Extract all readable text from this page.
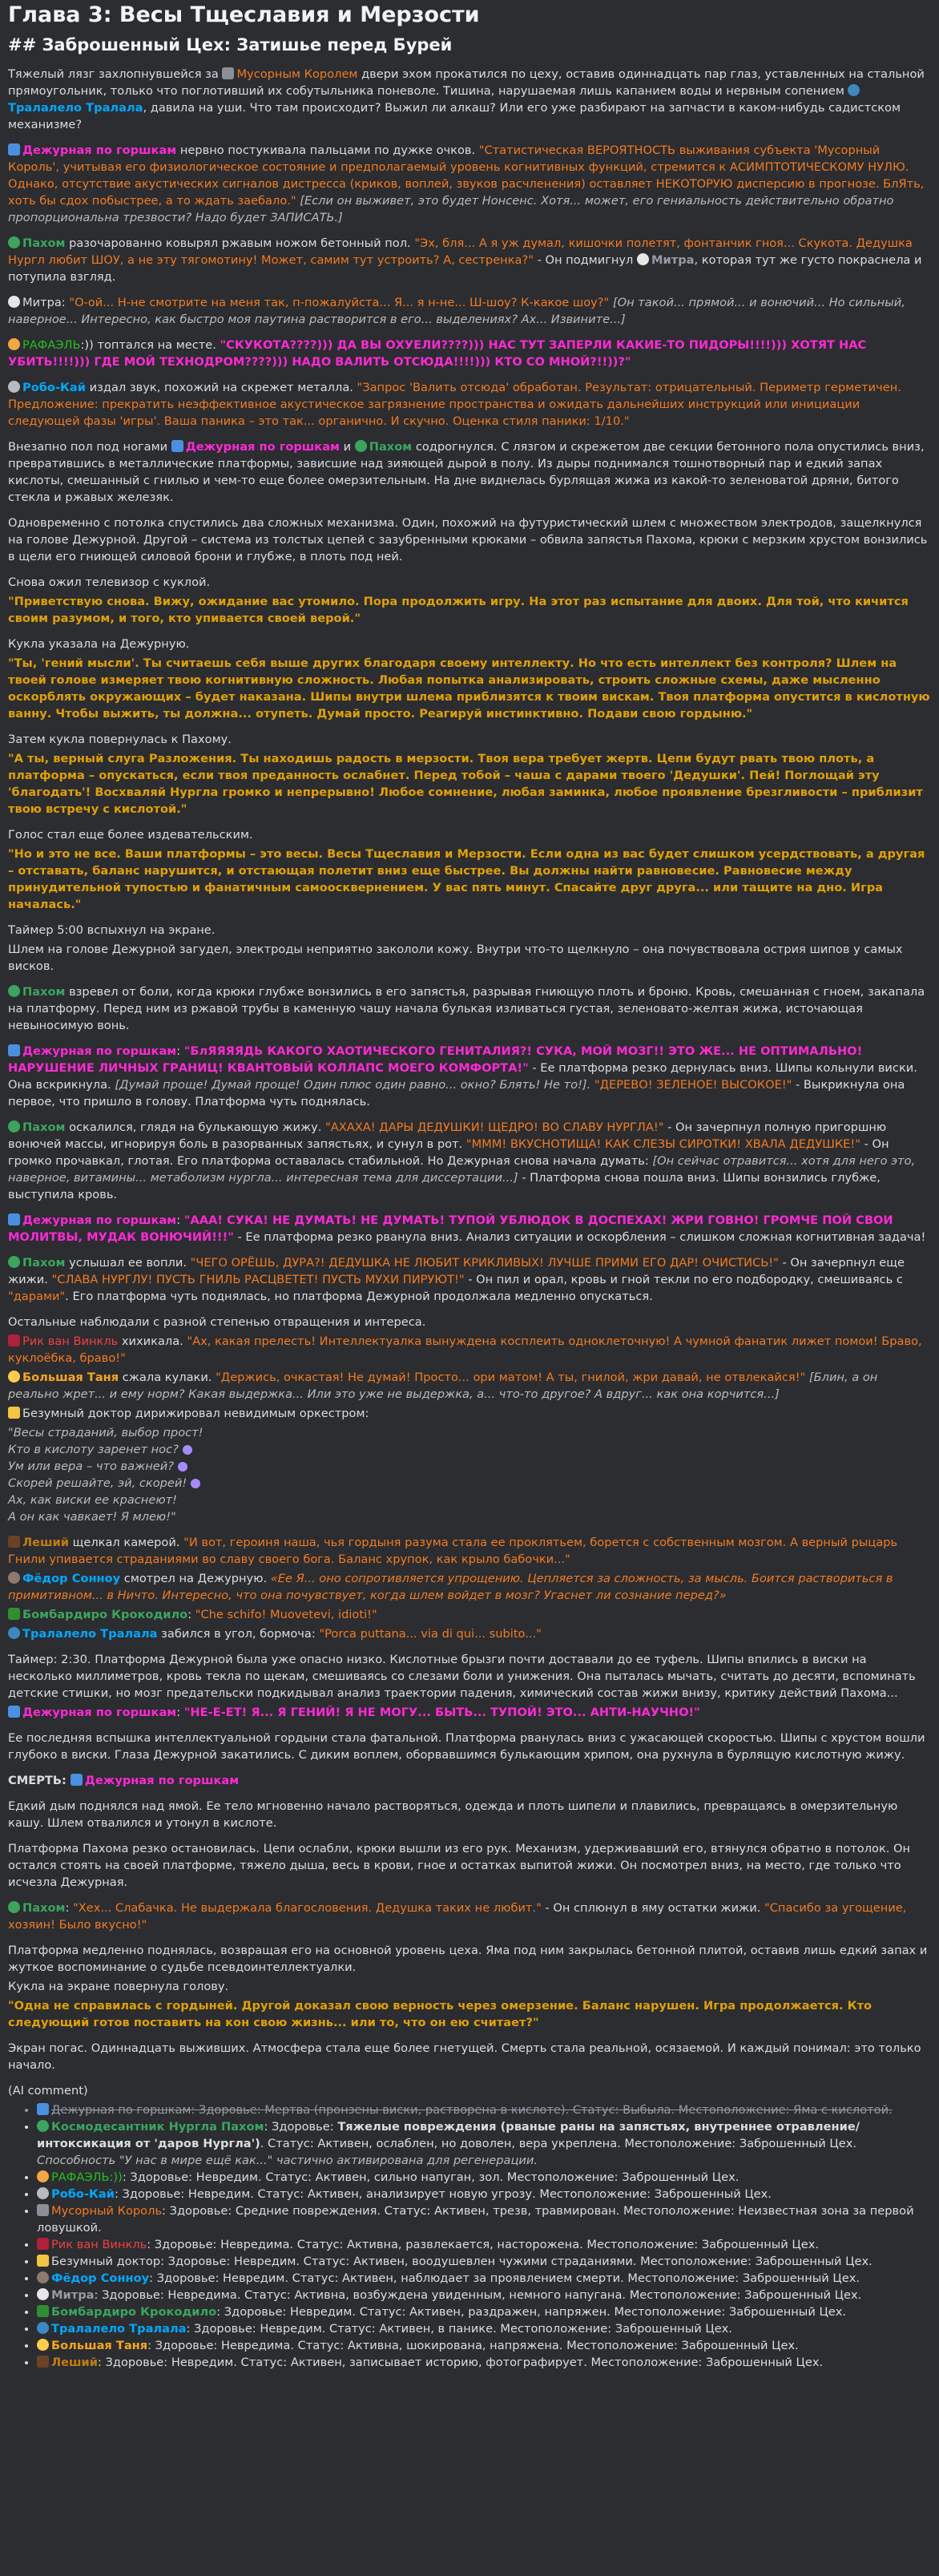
Глава 3: Весы Тщеславия и Мерзости
## Заброшенный Цех: Затишье перед Бурей
Тяжелый лязг захлопнувшейся за Мусорным Королем двери эхом прокатился по цеху, оставив одиннадцать пар глаз, уставленных на стальной прямоугольник, только что поглотивший их собутыльника поневоле. Тишина, нарушаемая лишь капанием воды и нервным сопением Тралалело Тралала, давила на уши. Что там происходит? Выжил ли алкаш? Или его уже разбирают на запчасти в каком-нибудь садистском механизме?
Дежурная по горшкам нервно постукивала пальцами по дужке очков. "Статистическая ВЕРОЯТНОСТЬ выживания субъекта 'Мусорный Король', учитывая его физиологическое состояние и предполагаемый уровень когнитивных функций, стремится к АСИМПТОТИЧЕСКОМУ НУЛЮ. Однако, отсутствие акустических сигналов дистресса (криков, воплей, звуков расчленения) оставляет НЕКОТОРУЮ дисперсию в прогнозе. БлЯть, хоть бы сдох побыстрее, а то ждать заебало." [Если он выживет, это будет Нонсенс. Хотя... может, его гениальность действительно обратно пропорциональна трезвости? Надо будет ЗАПИСАТЬ.]
Пахом разочарованно ковырял ржавым ножом бетонный пол. "Эх, бля... А я уж думал, кишочки полетят, фонтанчик гноя... Скукота. Дедушка Нургл любит ШОУ, а не эту тягомотину! Может, самим тут устроить? А, сестренка?" - Он подмигнул Митра, которая тут же густо покраснела и потупила взгляд.
Митра: "О-ой... Н-не смотрите на меня так, п-пожалуйста... Я... я н-не... Ш-шоу? К-какое шоу?" [Он такой... прямой... и вонючий... Но сильный, наверное... Интересно, как быстро моя паутина растворится в его... выделениях? Ах... Извините...]
РАФАЭЛЬ:)) топтался на месте. "СКУКОТА????))) ДА ВЫ ОХУЕЛИ????))) НАС ТУТ ЗАПЕРЛИ КАКИЕ-ТО ПИДОРЫ!!!!))) ХОТЯТ НАС УБИТЬ!!!!))) ГДЕ МОЙ ТЕХНОДРОМ????))) НАДО ВАЛИТЬ ОТСЮДА!!!!))) КТО СО МНОЙ?!!))?"
Робо-Кай издал звук, похожий на скрежет металла. "Запрос 'Валить отсюда' обработан. Результат: отрицательный. Периметр герметичен. Предложение: прекратить неэффективное акустическое загрязнение пространства и ожидать дальнейших инструкций или инициации следующей фазы 'игры'. Ваша паника – это так... органично. И скучно. Оценка стиля паники: 1/10."
Внезапно пол под ногами Дежурная по горшкам и Пахом содрогнулся. С лязгом и скрежетом две секции бетонного пола опустились вниз, превратившись в металлические платформы, зависшие над зияющей дырой в полу. Из дыры поднимался тошнотворный пар и едкий запах кислоты, смешанный с гнилью и чем-то еще более омерзительным. На дне виднелась бурлящая жижа из какой-то зеленоватой дряни, битого стекла и ржавых железяк.
Одновременно с потолка спустились два сложных механизма. Один, похожий на футуристический шлем с множеством электродов, защелкнулся на голове Дежурной. Другой – система из толстых цепей с зазубренными крюками – обвила запястья Пахома, крюки с мерзким хрустом вонзились в щели его гниющей силовой брони и глубже, в плоть под ней.
Снова ожил телевизор с куклой.
"Приветствую снова. Вижу, ожидание вас утомило. Пора продолжить игру. На этот раз испытание для двоих. Для той, что кичится своим разумом, и того, кто упивается своей верой."
Кукла указала на Дежурную.
"Ты, 'гений мысли'. Ты считаешь себя выше других благодаря своему интеллекту. Но что есть интеллект без контроля? Шлем на твоей голове измеряет твою когнитивную сложность. Любая попытка анализировать, строить сложные схемы, даже мысленно оскорблять окружающих – будет наказана. Шипы внутри шлема приблизятся к твоим вискам. Твоя платформа опустится в кислотную ванну. Чтобы выжить, ты должна... отупеть. Думай просто. Реагируй инстинктивно. Подави свою гордыню."
Затем кукла повернулась к Пахому.
"А ты, верный слуга Разложения. Ты находишь радость в мерзости. Твоя вера требует жертв. Цепи будут рвать твою плоть, а платформа – опускаться, если твоя преданность ослабнет. Перед тобой – чаша с дарами твоего 'Дедушки'. Пей! Поглощай эту 'благодать'! Восхваляй Нургла громко и непрерывно! Любое сомнение, любая заминка, любое проявление брезгливости – приблизит твою встречу с кислотой."
Голос стал еще более издевательским.
"Но и это не все. Ваши платформы – это весы. Весы Тщеславия и Мерзости. Если одна из вас будет слишком усердствовать, а другая – отставать, баланс нарушится, и отстающая полетит вниз еще быстрее. Вы должны найти равновесие. Равновесие между принудительной тупостью и фанатичным самоосквернением. У вас пять минут. Спасайте друг друга... или тащите на дно. Игра началась."
Таймер 5:00 вспыхнул на экране.
Шлем на голове Дежурной загудел, электроды неприятно закололи кожу. Внутри что-то щелкнуло – она почувствовала острия шипов у самых висков.
Пахом взревел от боли, когда крюки глубже вонзились в его запястья, разрывая гниющую плоть и броню. Кровь, смешанная с гноем, закапала на платформу. Перед ним из ржавой трубы в каменную чашу начала булькая изливаться густая, зеленовато-желтая жижа, источающая невыносимую вонь.
Дежурная по горшкам: "БлЯЯЯЯДЬ КАКОГО ХАОТИЧЕСКОГО ГЕНИТАЛИЯ?! СУКА, МОЙ МОЗГ!! ЭТО ЖЕ... НЕ ОПТИМАЛЬНО! НАРУШЕНИЕ ЛИЧНЫХ ГРАНИЦ! КВАНТОВЫЙ КОЛЛАПС МОЕГО КОМФОРТА!" - Ее платформа резко дернулась вниз. Шипы кольнули виски. Она вскрикнула. [Думай проще! Думай проще! Один плюс один равно... окно? Блять! Не то!]. "ДЕРЕВО! ЗЕЛЕНОЕ! ВЫСОКОЕ!" - Выкрикнула она первое, что пришло в голову. Платформа чуть поднялась.
Пахом оскалился, глядя на булькающую жижу. "АХАХА! ДАРЫ ДЕДУШКИ! ЩЕДРО! ВО СЛАВУ НУРГЛА!" - Он зачерпнул полную пригоршню вонючей массы, игнорируя боль в разорванных запястьях, и сунул в рот. "МММ! ВКУСНОТИЩА! КАК СЛЕЗЫ СИРОТКИ! ХВАЛА ДЕДУШКЕ!" - Он громко прочавкал, глотая. Его платформа оставалась стабильной. Но Дежурная снова начала думать: [Он сейчас отравится... хотя для него это, наверное, витамины... метаболизм нургла... интересная тема для диссертации...] - Платформа снова пошла вниз. Шипы вонзились глубже, выступила кровь.
Дежурная по горшкам: "ААА! СУКА! НЕ ДУМАТЬ! НЕ ДУМАТЬ! ТУПОЙ УБЛЮДОК В ДОСПЕХАХ! ЖРИ ГОВНО! ГРОМЧЕ ПОЙ СВОИ МОЛИТВЫ, МУДАК ВОНЮЧИЙ!!!" - Ее платформа резко рванула вниз. Анализ ситуации и оскорбления – слишком сложная когнитивная задача!
Пахом услышал ее вопли. "ЧЕГО ОРЁШЬ, ДУРА?! ДЕДУШКА НЕ ЛЮБИТ КРИКЛИВЫХ! ЛУЧШЕ ПРИМИ ЕГО ДАР! ОЧИСТИСЬ!" - Он зачерпнул еще жижи. "СЛАВА НУРГЛУ! ПУСТЬ ГНИЛЬ РАСЦВЕТЕТ! ПУСТЬ МУХИ ПИРУЮТ!" - Он пил и орал, кровь и гной текли по его подбородку, смешиваясь с "дарами". Его платформа чуть поднялась, но платформа Дежурной продолжала медленно опускаться.
Остальные наблюдали с разной степенью отвращения и интереса.
Рик ван Винкль хихикала. "Ах, какая прелесть! Интеллектуалка вынуждена косплеить одноклеточную! А чумной фанатик лижет помои! Браво, куклоёбка, браво!"
Большая Таня сжала кулаки. "Держись, очкастая! Не думай! Просто... ори матом! А ты, гнилой, жри давай, не отвлекайся!" [Блин, а он реально жрет... и ему норм? Какая выдержка... Или это уже не выдержка, а... что-то другое? А вдруг... как она корчится...]
Безумный доктор дирижировал невидимым оркестром:
"Весы страданий, выбор прост!
Кто в кислоту заренет нос?
Ум или вера – что важней?
Скорей решайте, эй, скорей!
Ах, как виски ее краснеют!
А он как чавкает! Я млею!"
Леший щелкал камерой. "И вот, героиня наша, чья гордыня разума стала ее проклятьем, борется с собственным мозгом. А верный рыцарь Гнили упивается страданиями во славу своего бога. Баланс хрупок, как крыло бабочки..."
Фёдор Сонноу смотрел на Дежурную. «Ее Я... оно сопротивляется упрощению. Цепляется за сложность, за мысль. Боится раствориться в примитивном... в Ничто. Интересно, что она почувствует, когда шлем войдет в мозг? Угаснет ли сознание перед?»
Бомбардиро Крокодило: "Che schifo! Muovetevi, idioti!"
Тралалело Тралала забился в угол, бормоча: "Porca puttana... via di qui... subito..."
Таймер: 2:30. Платформа Дежурной была уже опасно низко. Кислотные брызги почти доставали до ее туфель. Шипы впились в виски на несколько миллиметров, кровь текла по щекам, смешиваясь со слезами боли и унижения. Она пыталась мычать, считать до десяти, вспоминать детские стишки, но мозг предательски подкидывал анализ траектории падения, химический состав жижи внизу, критику действий Пахома...
Дежурная по горшкам: "НЕ-Е-ЕТ! Я... Я ГЕНИЙ! Я НЕ МОГУ... БЫТЬ... ТУПОЙ! ЭТО... АНТИ-НАУЧНО!"
Ее последняя вспышка интеллектуальной гордыни стала фатальной. Платформа рванулась вниз с ужасающей скоростью. Шипы с хрустом вошли глубоко в виски. Глаза Дежурной закатились. С диким воплем, оборвавшимся булькающим хрипом, она рухнула в бурлящую кислотную жижу.
СМЕРТЬ: Дежурная по горшкам
Едкий дым поднялся над ямой. Ее тело мгновенно начало растворяться, одежда и плоть шипели и плавились, превращаясь в омерзительную кашу. Шлем отвалился и утонул в кислоте.
Платформа Пахома резко остановилась. Цепи ослабли, крюки вышли из его рук. Механизм, удерживавший его, втянулся обратно в потолок. Он остался стоять на своей платформе, тяжело дыша, весь в крови, гное и остатках выпитой жижи. Он посмотрел вниз, на место, где только что исчезла Дежурная.
Пахом: "Хех... Слабачка. Не выдержала благословения. Дедушка таких не любит." - Он сплюнул в яму остатки жижи. "Спасибо за угощение, хозяин! Было вкусно!"
Платформа медленно поднялась, возвращая его на основной уровень цеха. Яма под ним закрылась бетонной плитой, оставив лишь едкий запах и жуткое воспоминание о судьбе псевдоинтеллектуалки.
Кукла на экране повернула голову.
"Одна не справилась с гордыней. Другой доказал свою верность через омерзение. Баланс нарушен. Игра продолжается. Кто следующий готов поставить на кон свою жизнь... или то, что он ею считает?"
Экран погас. Одиннадцать выживших. Атмосфера стала еще более гнетущей. Смерть стала реальной, осязаемой. И каждый понимал: это только начало.
(AI comment)
• Дежурная по горшкам: Здоровье: Мертва (пронзены виски, растворена в кислоте). Статус: Выбыла. Местоположение: Яма с кислотой.
• Космодесантник Нургла Пахом: Здоровье: Тяжелые повреждения (рваные раны на запястьях, внутреннее отравление/интоксикация от 'даров Нургла'). Статус: Активен, ослаблен, но доволен, вера укреплена. Местоположение: Заброшенный Цех. Способность "У нас в мире ещё как..." частично активирована для регенерации.
• РАФАЭЛЬ:)): Здоровье: Невредим. Статус: Активен, сильно напуган, зол. Местоположение: Заброшенный Цех.
• Робо-Кай: Здоровье: Невредим. Статус: Активен, анализирует новую угрозу. Местоположение: Заброшенный Цех.
• Мусорный Король: Здоровье: Средние повреждения. Статус: Активен, трезв, травмирован. Местоположение: Неизвестная зона за первой ловушкой.
• Рик ван Винкль: Здоровье: Невредима. Статус: Активна, развлекается, насторожена. Местоположение: Заброшенный Цех.
• Безумный доктор: Здоровье: Невредим. Статус: Активен, воодушевлен чужими страданиями. Местоположение: Заброшенный Цех.
• Фёдор Сонноу: Здоровье: Невредим. Статус: Активен, наблюдает за проявлением смерти. Местоположение: Заброшенный Цех.
• Митра: Здоровье: Невредима. Статус: Активна, возбуждена увиденным, немного напугана. Местоположение: Заброшенный Цех.
• Бомбардиро Крокодило: Здоровье: Невредим. Статус: Активен, раздражен, напряжен. Местоположение: Заброшенный Цех.
• Тралалело Тралала: Здоровье: Невредим. Статус: Активен, в панике. Местоположение: Заброшенный Цех.
• Большая Таня: Здоровье: Невредима. Статус: Активна, шокирована, напряжена. Местоположение: Заброшенный Цех.
• Леший: Здоровье: Невредим. Статус: Активен, записывает историю, фотографирует. Местоположение: Заброшенный Цех.
